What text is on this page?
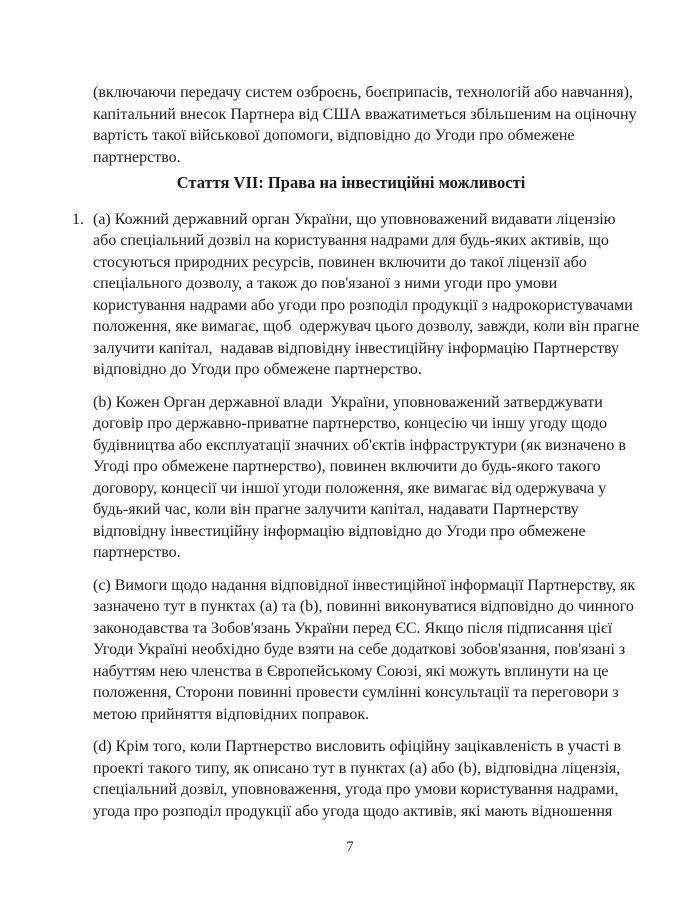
(включаючи передачу систем озброєнь, боєприпасів, технологій або навчання), капітальний внесок Партнера від США вважатиметься збільшеним на оціночну вартість такої військової допомоги, відповідно до Угоди про обмежене партнерство.

Стаття VII: Права на інвестиційні можливості
1. (a) Кожний державний орган України, що уповноважений видавати ліцензію або спеціальний дозвіл на користування надрами для будь-яких активів, що стосуються природних ресурсів, повинен включити до такої ліцензії або спеціального дозволу, а також до пов'язаної з ними угоди про умови користування надрами або угоди про розподіл продукції з надрокористувачами положення, яке вимагає, щоб  одержувач цього дозволу, завжди, коли він прагне залучити капітал,  надавав відповідну інвестиційну інформацію Партнерству відповідно до Угоди про обмежене партнерство.

(b) Кожен Орган державної влади  України, уповноважений затверджувати договір про державно-приватне партнерство, концесію чи іншу угоду щодо будівництва або експлуатації значних об'єктів інфраструктури (як визначено в Угоді про обмежене партнерство), повинен включити до будь-якого такого договору, концесії чи іншої угоди положення, яке вимагає від одержувача у будь-який час, коли він прагне залучити капітал, надавати Партнерству відповідну інвестиційну інформацію відповідно до Угоди про обмежене партнерство.

(c) Вимоги щодо надання відповідної інвестиційної інформації Партнерству, як зазначено тут в пунктах (a) та (b), повинні виконуватися відповідно до чинного законодавства та Зобов'язань України перед ЄС. Якщо після підписання цієї Угоди Україні необхідно буде взяти на себе додаткові зобов'язання, пов'язані з набуттям нею членства в Європейському Союзі, які можуть вплинути на це положення, Сторони повинні провести сумлінні консультації та переговори з метою прийняття відповідних поправок.

(d) Крім того, коли Партнерство висловить офіційну зацікавленість в участі в проекті такого типу, як описано тут в пунктах (a) або (b), відповідна ліцензія, спеціальний дозвіл, уповноваження, угода про умови користування надрами, угода про розподіл продукції або угода щодо активів, які мають відношення

7
